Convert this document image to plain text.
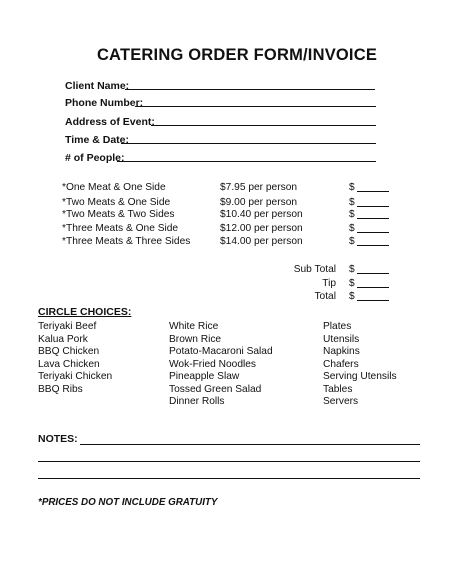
CATERING ORDER FORM/INVOICE
Client Name:
Phone Number:
Address of Event:
Time & Date:
# of People:
*One Meat & One Side	$7.95 per person	$
*Two Meats & One Side	$9.00 per person	$
*Two Meats & Two Sides	$10.40 per person	$
*Three Meats & One Side	$12.00 per person	$
*Three Meats & Three Sides	$14.00 per person	$
Sub Total $
Tip $
Total $
CIRCLE CHOICES:
Teriyaki Beef
Kalua Pork
BBQ Chicken
Lava Chicken
Teriyaki Chicken
BBQ Ribs
White Rice
Brown Rice
Potato-Macaroni Salad
Wok-Fried Noodles
Pineapple Slaw
Tossed Green Salad
Dinner Rolls
Plates
Utensils
Napkins
Chafers
Serving Utensils
Tables
Servers
NOTES:
*PRICES DO NOT INCLUDE GRATUITY
